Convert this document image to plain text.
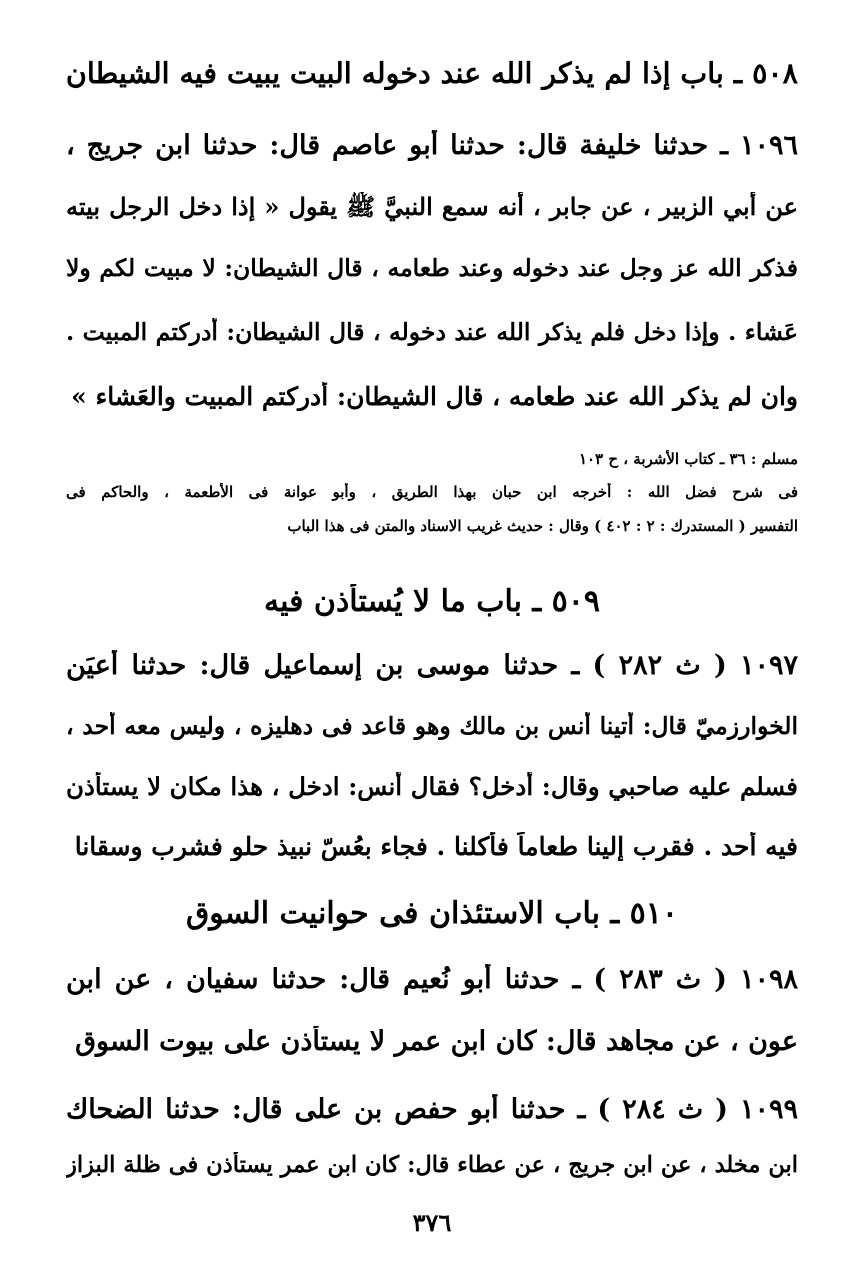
٥٠٨ ـ باب إذا لم يذكر الله عند دخوله البيت يبيت فيه الشيطان
١٠٩٦ ـ حدثنا خليفة قال: حدثنا أبو عاصم قال: حدثنا ابن جريج ،
عن أبي الزبير ، عن جابر ، أنه سمع النبيَّ ﷺ يقول « إذا دخل الرجل بيته
فذكر الله عز وجل عند دخوله وعند طعامه ، قال الشيطان: لا مبيت لكم ولا
عَشاء . وإذا دخل فلم يذكر الله عند دخوله ، قال الشيطان: أدركتم المبيت .
وان لم يذكر الله عند طعامه ، قال الشيطان: أدركتم المبيت والعَشاء »
مسلم : ٣٦ ـ كتاب الأشربة ، ح ١٠٣
فى شرح فضل الله : أخرجه ابن حبان بهذا الطريق ، وأبو عوانة فى الأطعمة ، والحاكم فى
التفسير ( المستدرك : ٢ : ٤٠٢ ) وقال : حديث غريب الاسناد والمتن فى هذا الباب
٥٠٩ ـ باب ما لا يُستأذن فيه
١٠٩٧ ( ث ٢٨٢ ) ـ حدثنا موسى بن إسماعيل قال: حدثنا أعيَن
الخوارزميّ قال: أتينا أنس بن مالك وهو قاعد فى دهليزه ، وليس معه أحد ،
فسلم عليه صاحبي وقال: أدخل؟ فقال أنس: ادخل ، هذا مكان لا يستأذن
فيه أحد . فقرب إلينا طعاماً فأكلنا . فجاء بعُسّ نبيذ حلو فشرب وسقانا
٥١٠ ـ باب الاستئذان فى حوانيت السوق
١٠٩٨ ( ث ٢٨٣ ) ـ حدثنا أبو نُعيم قال: حدثنا سفيان ، عن ابن
عون ، عن مجاهد قال: كان ابن عمر لا يستأذن على بيوت السوق
١٠٩٩ ( ث ٢٨٤ ) ـ حدثنا أبو حفص بن على قال: حدثنا الضحاك
ابن مخلد ، عن ابن جريج ، عن عطاء قال: كان ابن عمر يستأذن فى ظلة البزاز
٣٧٦
